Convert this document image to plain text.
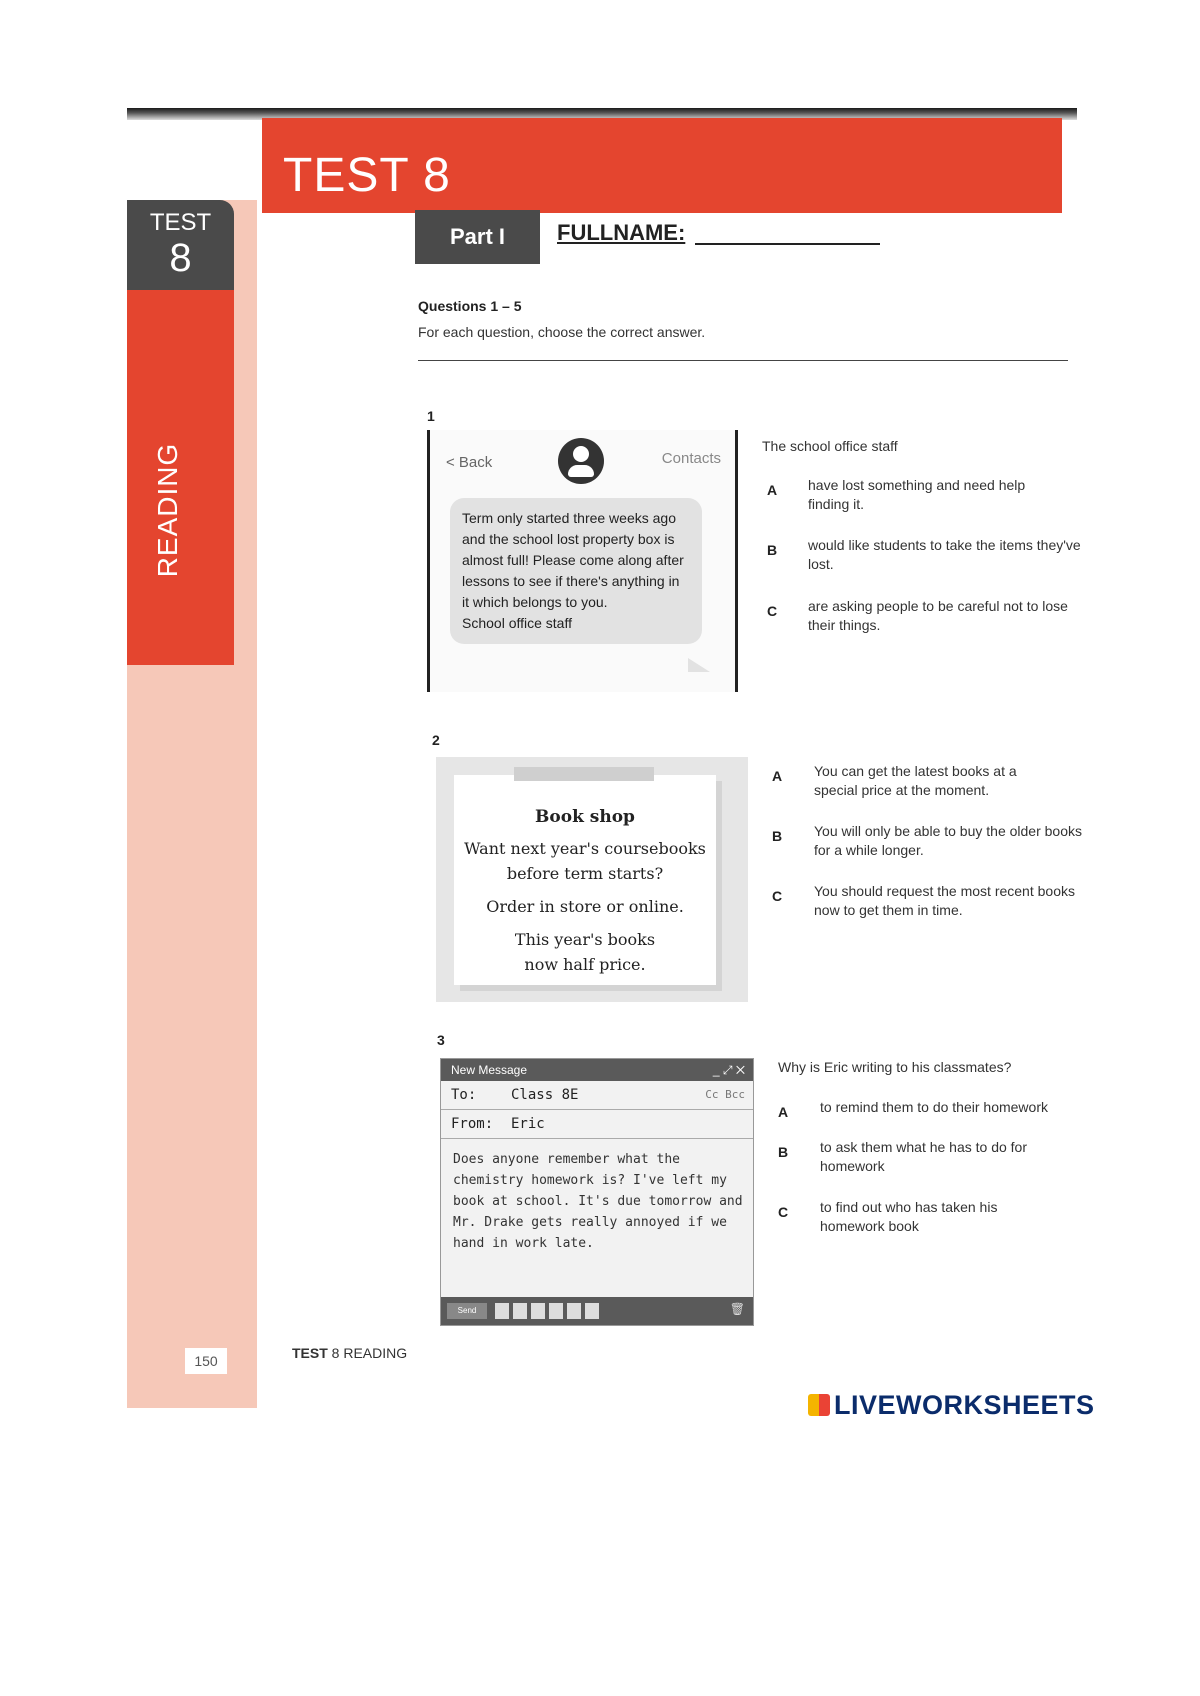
TEST
8
READING
TEST 8
Part I	FULLNAME:
Questions 1 – 5
For each question, choose the correct answer.
1
< Back	Contacts
Term only started three weeks ago and the school lost property box is almost full! Please come along after lessons to see if there's anything in it which belongs to you.
School office staff
The school office staff
A have lost something and need help finding it.
B would like students to take the items they've lost.
C are asking people to be careful not to lose their things.
2
Book shop
Want next year's coursebooks
before term starts?
Order in store or online.
This year's books
now half price.
A You can get the latest books at a special price at the moment.
B You will only be able to buy the older books for a while longer.
C You should request the most recent books now to get them in time.
3
New Message	_ ⤢ ✕
To: Class 8E	Cc Bcc
From: Eric
Does anyone remember what the chemistry homework is? I've left my book at school. It's due tomorrow and Mr. Drake gets really annoyed if we hand in work late.
Send	🗑
Why is Eric writing to his classmates?
A to remind them to do their homework
B to ask them what he has to do for homework
C to find out who has taken his homework book
150	TEST 8 READING
LIVEWORKSHEETS
